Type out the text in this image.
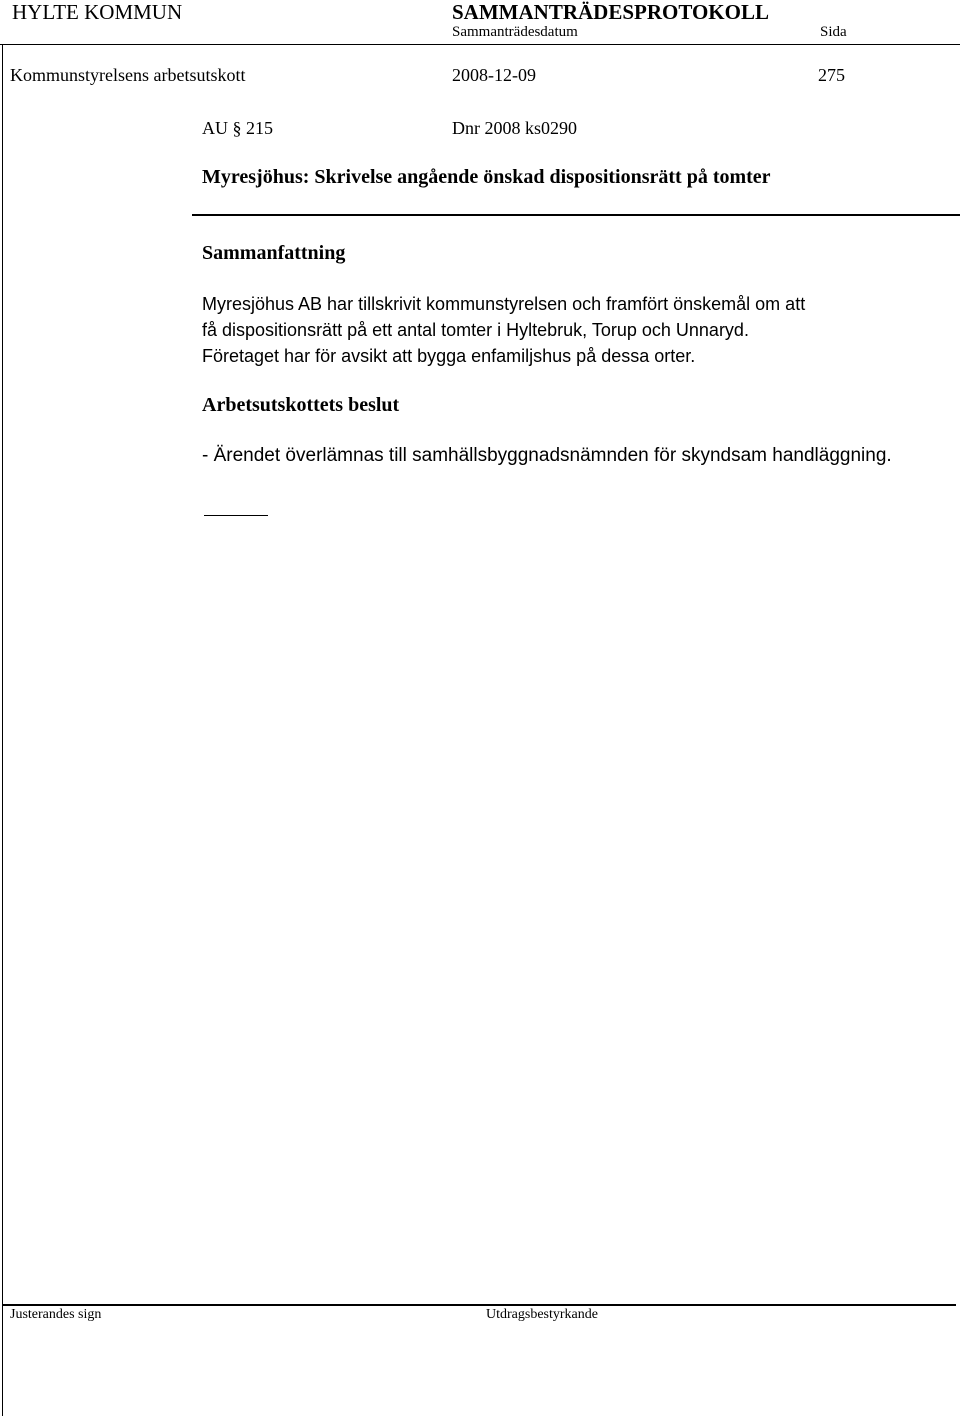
HYLTE KOMMUN	SAMMANTRÄDESPROTOKOLL
Sammanträdesdatum	Sida
Kommunstyrelsens arbetsutskott	2008-12-09	275
AU § 215	Dnr 2008 ks0290
Myresjöhus: Skrivelse angående önskad dispositionsrätt på tomter
Sammanfattning
Myresjöhus AB har tillskrivit kommunstyrelsen och framfört önskemål om att
få dispositionsrätt på ett antal tomter i Hyltebruk, Torup och Unnaryd.
Företaget har för avsikt att bygga enfamiljshus på dessa orter.
Arbetsutskottets beslut
- Ärendet överlämnas till samhällsbyggnadsnämnden för skyndsam handläggning.
Justerandes sign	Utdragsbestyrkande
